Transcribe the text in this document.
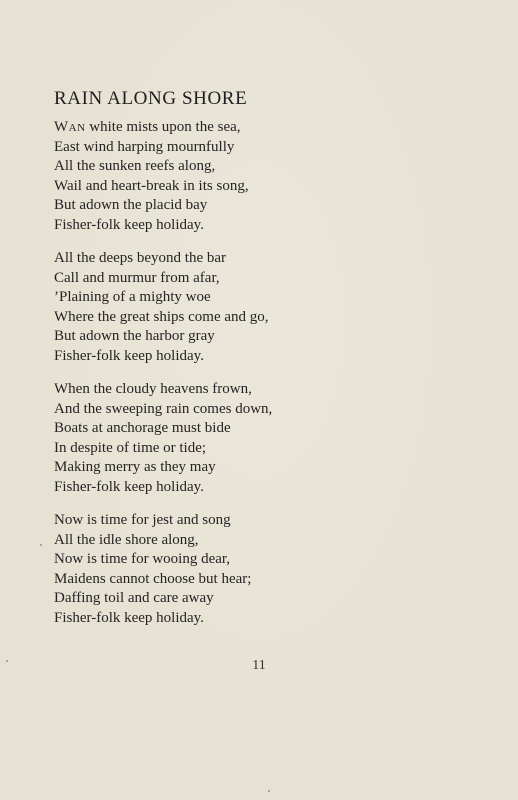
RAIN ALONG SHORE
Wan white mists upon the sea,
East wind harping mournfully
All the sunken reefs along,
Wail and heart-break in its song,
But adown the placid bay
Fisher-folk keep holiday.
All the deeps beyond the bar
Call and murmur from afar,
’Plaining of a mighty woe
Where the great ships come and go,
But adown the harbor gray
Fisher-folk keep holiday.
When the cloudy heavens frown,
And the sweeping rain comes down,
Boats at anchorage must bide
In despite of time or tide;
Making merry as they may
Fisher-folk keep holiday.
Now is time for jest and song
All the idle shore along,
Now is time for wooing dear,
Maidens cannot choose but hear;
Daffing toil and care away
Fisher-folk keep holiday.
11
